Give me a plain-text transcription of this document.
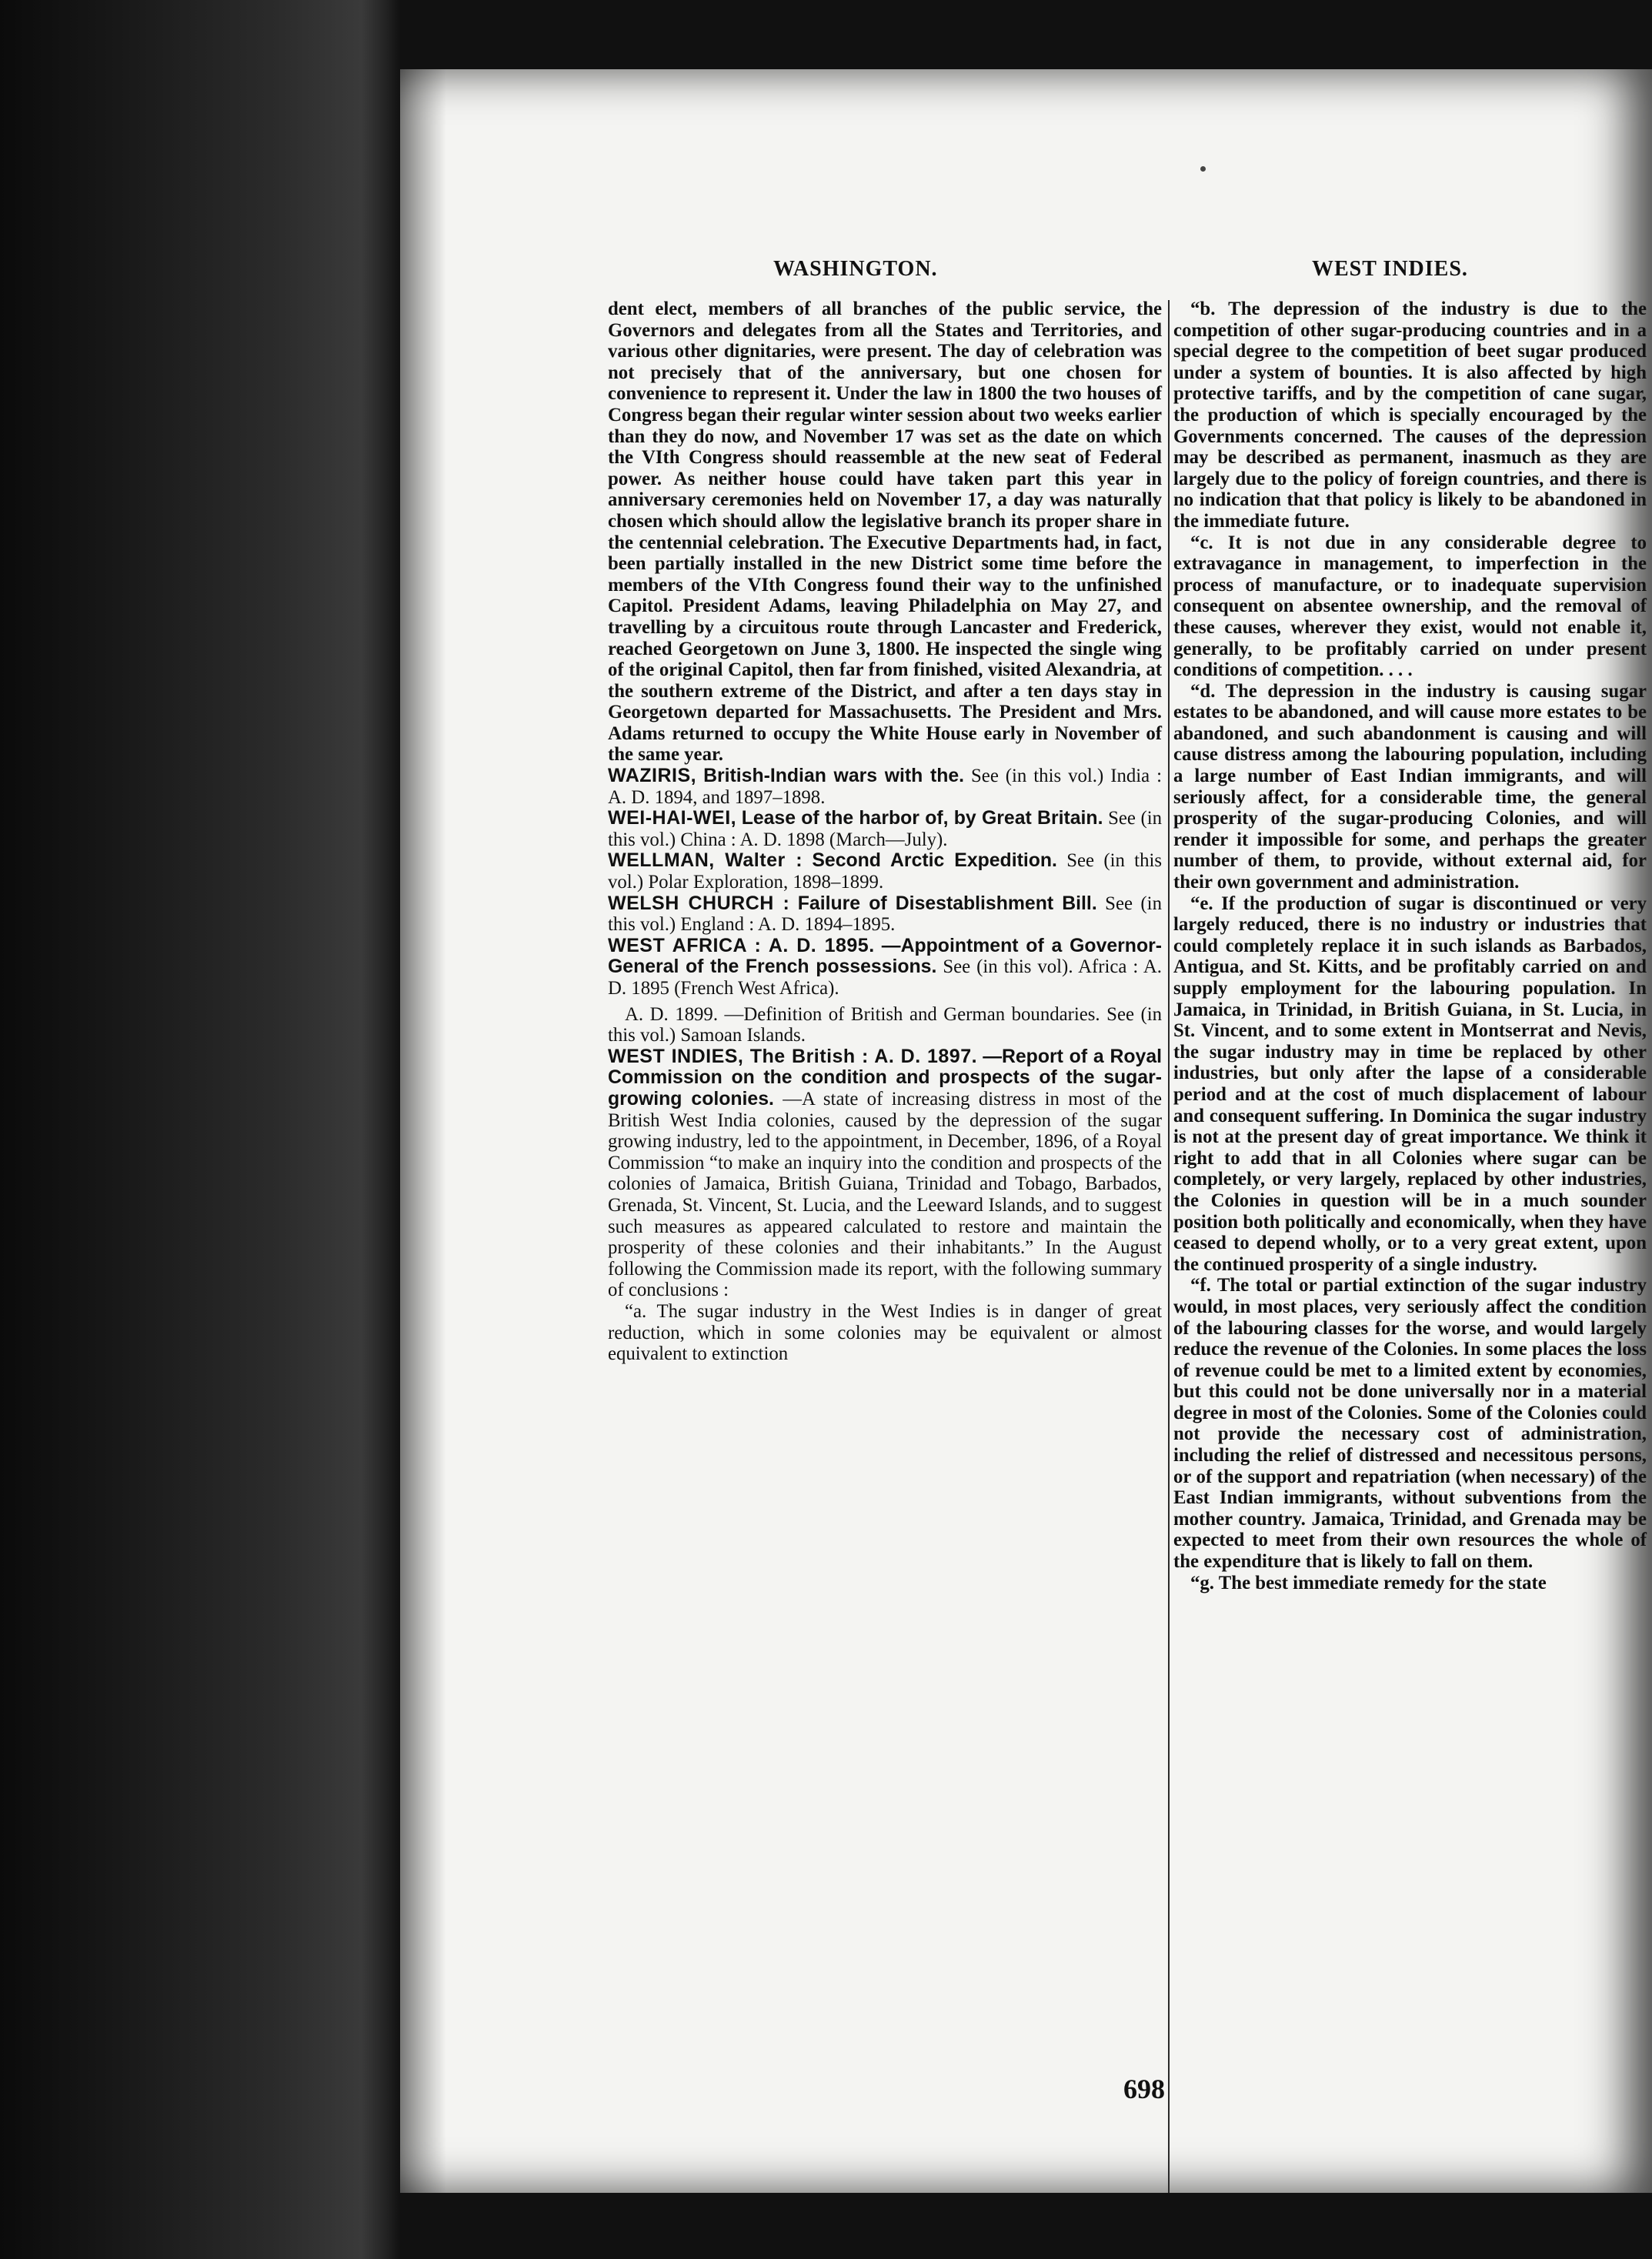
WASHINGTON.	WEST INDIES.

dent elect, members of all branches of the public service, the Governors and delegates from all the States and Territories, and various other dignitaries, were present. The day of celebration was not precisely that of the anniversary, but one chosen for convenience to represent it. Under the law in 1800 the two houses of Congress began their regular winter session about two weeks earlier than they do now, and November 17 was set as the date on which the VIth Congress should reassemble at the new seat of Federal power. As neither house could have taken part this year in anniversary ceremonies held on November 17, a day was naturally chosen which should allow the legislative branch its proper share in the centennial celebration. The Executive Departments had, in fact, been partially installed in the new District some time before the members of the VIth Congress found their way to the unfinished Capitol. President Adams, leaving Philadelphia on May 27, and travelling by a circuitous route through Lancaster and Frederick, reached Georgetown on June 3, 1800. He inspected the single wing of the original Capitol, then far from finished, visited Alexandria, at the southern extreme of the District, and after a ten days stay in Georgetown departed for Massachusetts. The President and Mrs. Adams returned to occupy the White House early in November of the same year.

WAZIRIS, British-Indian wars with the. See (in this vol.) India : A. D. 1894, and 1897–1898.

WEI-HAI-WEI, Lease of the harbor of, by Great Britain. See (in this vol.) China : A. D. 1898 (March—July).

WELLMAN, Walter : Second Arctic Expedition. See (in this vol.) Polar Exploration, 1898–1899.

WELSH CHURCH : Failure of Disestablishment Bill. See (in this vol.) England : A. D. 1894–1895.

WEST AFRICA : A. D. 1895. —Appointment of a Governor-General of the French possessions. See (in this vol). Africa : A. D. 1895 (French West Africa).

A. D. 1899. —Definition of British and German boundaries. See (in this vol.) Samoan Islands.

WEST INDIES, The British : A. D. 1897. —Report of a Royal Commission on the condition and prospects of the sugar-growing colonies. —A state of increasing distress in most of the British West India colonies, caused by the depression of the sugar growing industry, led to the appointment, in December, 1896, of a Royal Commission “to make an inquiry into the condition and prospects of the colonies of Jamaica, British Guiana, Trinidad and Tobago, Barbados, Grenada, St. Vincent, St. Lucia, and the Leeward Islands, and to suggest such measures as appeared calculated to restore and maintain the prosperity of these colonies and their inhabitants.” In the August following the Commission made its report, with the following summary of conclusions :

“a. The sugar industry in the West Indies is in danger of great reduction, which in some colonies may be equivalent or almost equivalent to extinction

“b. The depression of the industry is due to the competition of other sugar-producing countries and in a special degree to the competition of beet sugar produced under a system of bounties. It is also affected by high protective tariffs, and by the competition of cane sugar, the production of which is specially encouraged by the Governments concerned. The causes of the depression may be described as permanent, inasmuch as they are largely due to the policy of foreign countries, and there is no indication that that policy is likely to be abandoned in the immediate future.

“c. It is not due in any considerable degree to extravagance in management, to imperfection in the process of manufacture, or to inadequate supervision consequent on absentee ownership, and the removal of these causes, wherever they exist, would not enable it, generally, to be profitably carried on under present conditions of competition. . . .

“d. The depression in the industry is causing sugar estates to be abandoned, and will cause more estates to be abandoned, and such abandonment is causing and will cause distress among the labouring population, including a large number of East Indian immigrants, and will seriously affect, for a considerable time, the general prosperity of the sugar-producing Colonies, and will render it impossible for some, and perhaps the greater number of them, to provide, without external aid, for their own government and administration.

“e. If the production of sugar is discontinued or very largely reduced, there is no industry or industries that could completely replace it in such islands as Barbados, Antigua, and St. Kitts, and be profitably carried on and supply employment for the labouring population. In Jamaica, in Trinidad, in British Guiana, in St. Lucia, in St. Vincent, and to some extent in Montserrat and Nevis, the sugar industry may in time be replaced by other industries, but only after the lapse of a considerable period and at the cost of much displacement of labour and consequent suffering. In Dominica the sugar industry is not at the present day of great importance. We think it right to add that in all Colonies where sugar can be completely, or very largely, replaced by other industries, the Colonies in question will be in a much sounder position both politically and economically, when they have ceased to depend wholly, or to a very great extent, upon the continued prosperity of a single industry.

“f. The total or partial extinction of the sugar industry would, in most places, very seriously affect the condition of the labouring classes for the worse, and would largely reduce the revenue of the Colonies. In some places the loss of revenue could be met to a limited extent by economies, but this could not be done universally nor in a material degree in most of the Colonies. Some of the Colonies could not provide the necessary cost of administration, including the relief of distressed and necessitous persons, or of the support and repatriation (when necessary) of the East Indian immigrants, without subventions from the mother country. Jamaica, Trinidad, and Grenada may be expected to meet from their own resources the whole of the expenditure that is likely to fall on them.

“g. The best immediate remedy for the state

698
